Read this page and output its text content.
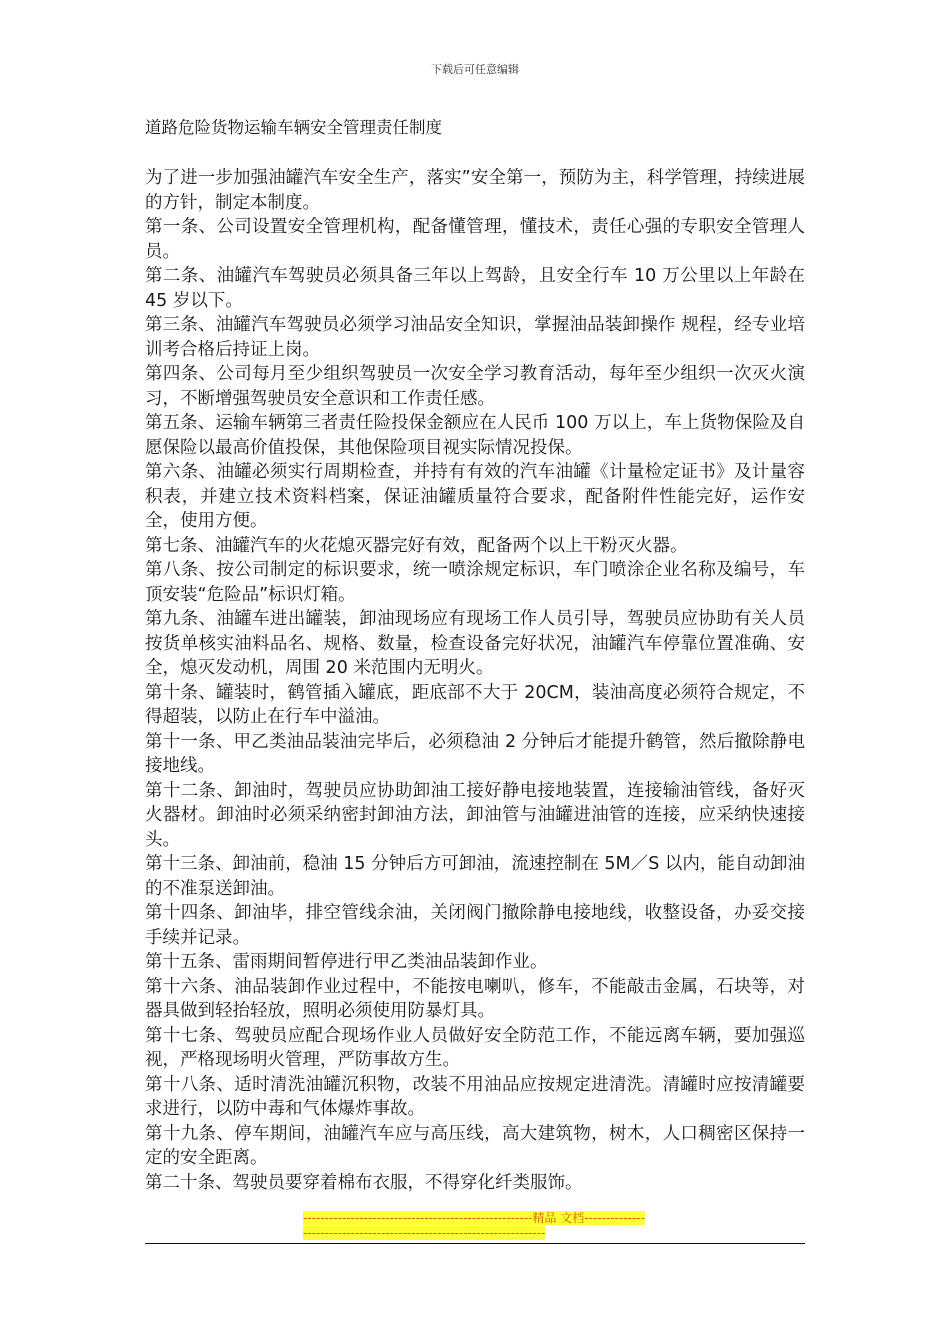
下载后可任意编辑
道路危险货物运输车辆安全管理责任制度

为了进一步加强油罐汽车安全生产，落实”安全第一，预防为主，科学管理，持续进展的方针，制定本制度。

第一条、公司设置安全管理机构，配备懂管理，懂技术，责任心强的专职安全管理人员。

第二条、油罐汽车驾驶员必须具备三年以上驾龄，且安全行车 10 万公里以上年龄在 45 岁以下。

第三条、油罐汽车驾驶员必须学习油品安全知识，掌握油品装卸操作 规程，经专业培训考合格后持证上岗。

第四条、公司每月至少组织驾驶员一次安全学习教育活动，每年至少组织一次灭火演习，不断增强驾驶员安全意识和工作责任感。

第五条、运输车辆第三者责任险投保金额应在人民币 100 万以上，车上货物保险及自愿保险以最高价值投保，其他保险项目视实际情况投保。

第六条、油罐必须实行周期检查，并持有有效的汽车油罐《计量检定证书》及计量容积表，并建立技术资料档案，保证油罐质量符合要求，配备附件性能完好，运作安全，使用方便。

第七条、油罐汽车的火花熄灭器完好有效，配备两个以上干粉灭火器。

第八条、按公司制定的标识要求，统一喷涂规定标识，车门喷涂企业名称及编号，车顶安装“危险品”标识灯箱。

第九条、油罐车进出罐装，卸油现场应有现场工作人员引导，驾驶员应协助有关人员按货单核实油料品名、规格、数量，检查设备完好状况，油罐汽车停靠位置准确、安全，熄灭发动机，周围 20 米范围内无明火。

第十条、罐装时，鹤管插入罐底，距底部不大于 20CM，装油高度必须符合规定，不得超装，以防止在行车中溢油。

第十一条、甲乙类油品装油完毕后，必须稳油 2 分钟后才能提升鹤管，然后撤除静电接地线。

第十二条、卸油时，驾驶员应协助卸油工接好静电接地装置，连接输油管线，备好灭火器材。卸油时必须采纳密封卸油方法，卸油管与油罐进油管的连接，应采纳快速接头。

第十三条、卸油前，稳油 15 分钟后方可卸油，流速控制在 5M／S 以内，能自动卸油的不准泵送卸油。

第十四条、卸油毕，排空管线余油，关闭阀门撤除静电接地线，收整设备，办妥交接手续并记录。

第十五条、雷雨期间暂停进行甲乙类油品装卸作业。

第十六条、油品装卸作业过程中，不能按电喇叭，修车，不能敲击金属，石块等，对器具做到轻抬轻放，照明必须使用防暴灯具。

第十七条、驾驶员应配合现场作业人员做好安全防范工作，不能远离车辆，要加强巡视，严格现场明火管理，严防事故方生。

第十八条、适时清洗油罐沉积物，改装不用油品应按规定进清洗。清罐时应按清罐要求进行，以防中毒和气体爆炸事故。

第十九条、停车期间，油罐汽车应与高压线，高大建筑物，树木，人口稠密区保持一定的安全距离。

第二十条、驾驶员要穿着棉布衣服，不得穿化纤类服饰。

-----------------------------------------------------精品 文档----------------------------------------------------------------------
